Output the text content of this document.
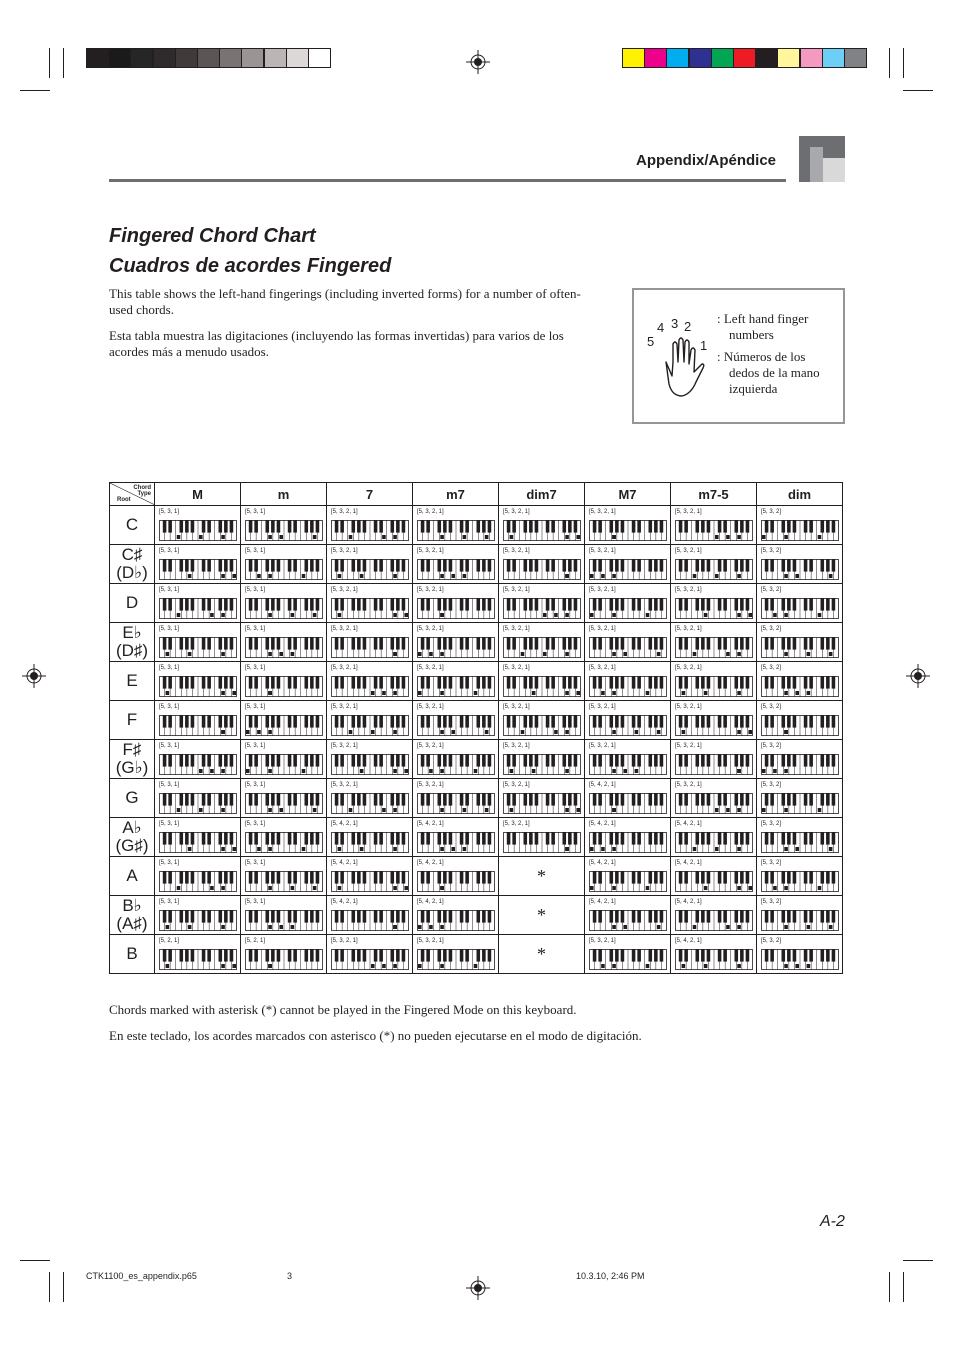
Appendix/Apéndice
Fingered Chord Chart
Cuadros de acordes Fingered
This table shows the left-hand fingerings (including inverted forms) for a number of often-used chords.
Esta tabla muestra las digitaciones (incluyendo las formas invertidas) para varios de los acordes más a menudo usados.
5
4 3 2
1
: Left hand finger
numbers
: Números de los
dedos de la mano
izquierda
Chord
Type
Root	M	m	7	m7	dim7	M7	m7-5	dim

C	[5, 3, 1]	[5, 3, 1]	[5, 3, 2, 1]	[5, 3, 2, 1]	[5, 3, 2, 1]	[5, 3, 2, 1]	[5, 3, 2, 1]	[5, 3, 2]

C♯
(D♭)	[5, 3, 1]	[5, 3, 1]	[5, 3, 2, 1]	[5, 3, 2, 1]	[5, 3, 2, 1]	[5, 3, 2, 1]	[5, 3, 2, 1]	[5, 3, 2]

D	[5, 3, 1]	[5, 3, 1]	[5, 3, 2, 1]	[5, 3, 2, 1]	[5, 3, 2, 1]	[5, 3, 2, 1]	[5, 3, 2, 1]	[5, 3, 2]

E♭
(D♯)	[5, 3, 1]	[5, 3, 1]	[5, 3, 2, 1]	[5, 3, 2, 1]	[5, 3, 2, 1]	[5, 3, 2, 1]	[5, 3, 2, 1]	[5, 3, 2]

E	[5, 3, 1]	[5, 3, 1]	[5, 3, 2, 1]	[5, 3, 2, 1]	[5, 3, 2, 1]	[5, 3, 2, 1]	[5, 3, 2, 1]	[5, 3, 2]

F	[5, 3, 1]	[5, 3, 1]	[5, 3, 2, 1]	[5, 3, 2, 1]	[5, 3, 2, 1]	[5, 3, 2, 1]	[5, 3, 2, 1]	[5, 3, 2]

F♯
(G♭)	[5, 3, 1]	[5, 3, 1]	[5, 3, 2, 1]	[5, 3, 2, 1]	[5, 3, 2, 1]	[5, 3, 2, 1]	[5, 3, 2, 1]	[5, 3, 2]

G	[5, 3, 1]	[5, 3, 1]	[5, 3, 2, 1]	[5, 3, 2, 1]	[5, 3, 2, 1]	[5, 4, 2, 1]	[5, 3, 2, 1]	[5, 3, 2]

A♭
(G♯)	[5, 3, 1]	[5, 3, 1]	[5, 4, 2, 1]	[5, 4, 2, 1]	[5, 3, 2, 1]	[5, 4, 2, 1]	[5, 4, 2, 1]	[5, 3, 2]

A	[5, 3, 1]	[5, 3, 1]	[5, 4, 2, 1]	[5, 4, 2, 1]	*	[5, 4, 2, 1]	[5, 4, 2, 1]	[5, 3, 2]

B♭
(A♯)	[5, 3, 1]	[5, 3, 1]	[5, 4, 2, 1]	[5, 4, 2, 1]	*	[5, 4, 2, 1]	[5, 4, 2, 1]	[5, 3, 2]

B	[5, 2, 1]	[5, 2, 1]	[5, 3, 2, 1]	[5, 3, 2, 1]	*	[5, 3, 2, 1]	[5, 4, 2, 1]	[5, 3, 2]
Chords marked with asterisk (*) cannot be played in the Fingered Mode on this keyboard.
En este teclado, los acordes marcados con asterisco (*) no pueden ejecutarse en el modo de digitación.
A-2
CTK1100_es_appendix.p65	3	10.3.10, 2:46 PM
